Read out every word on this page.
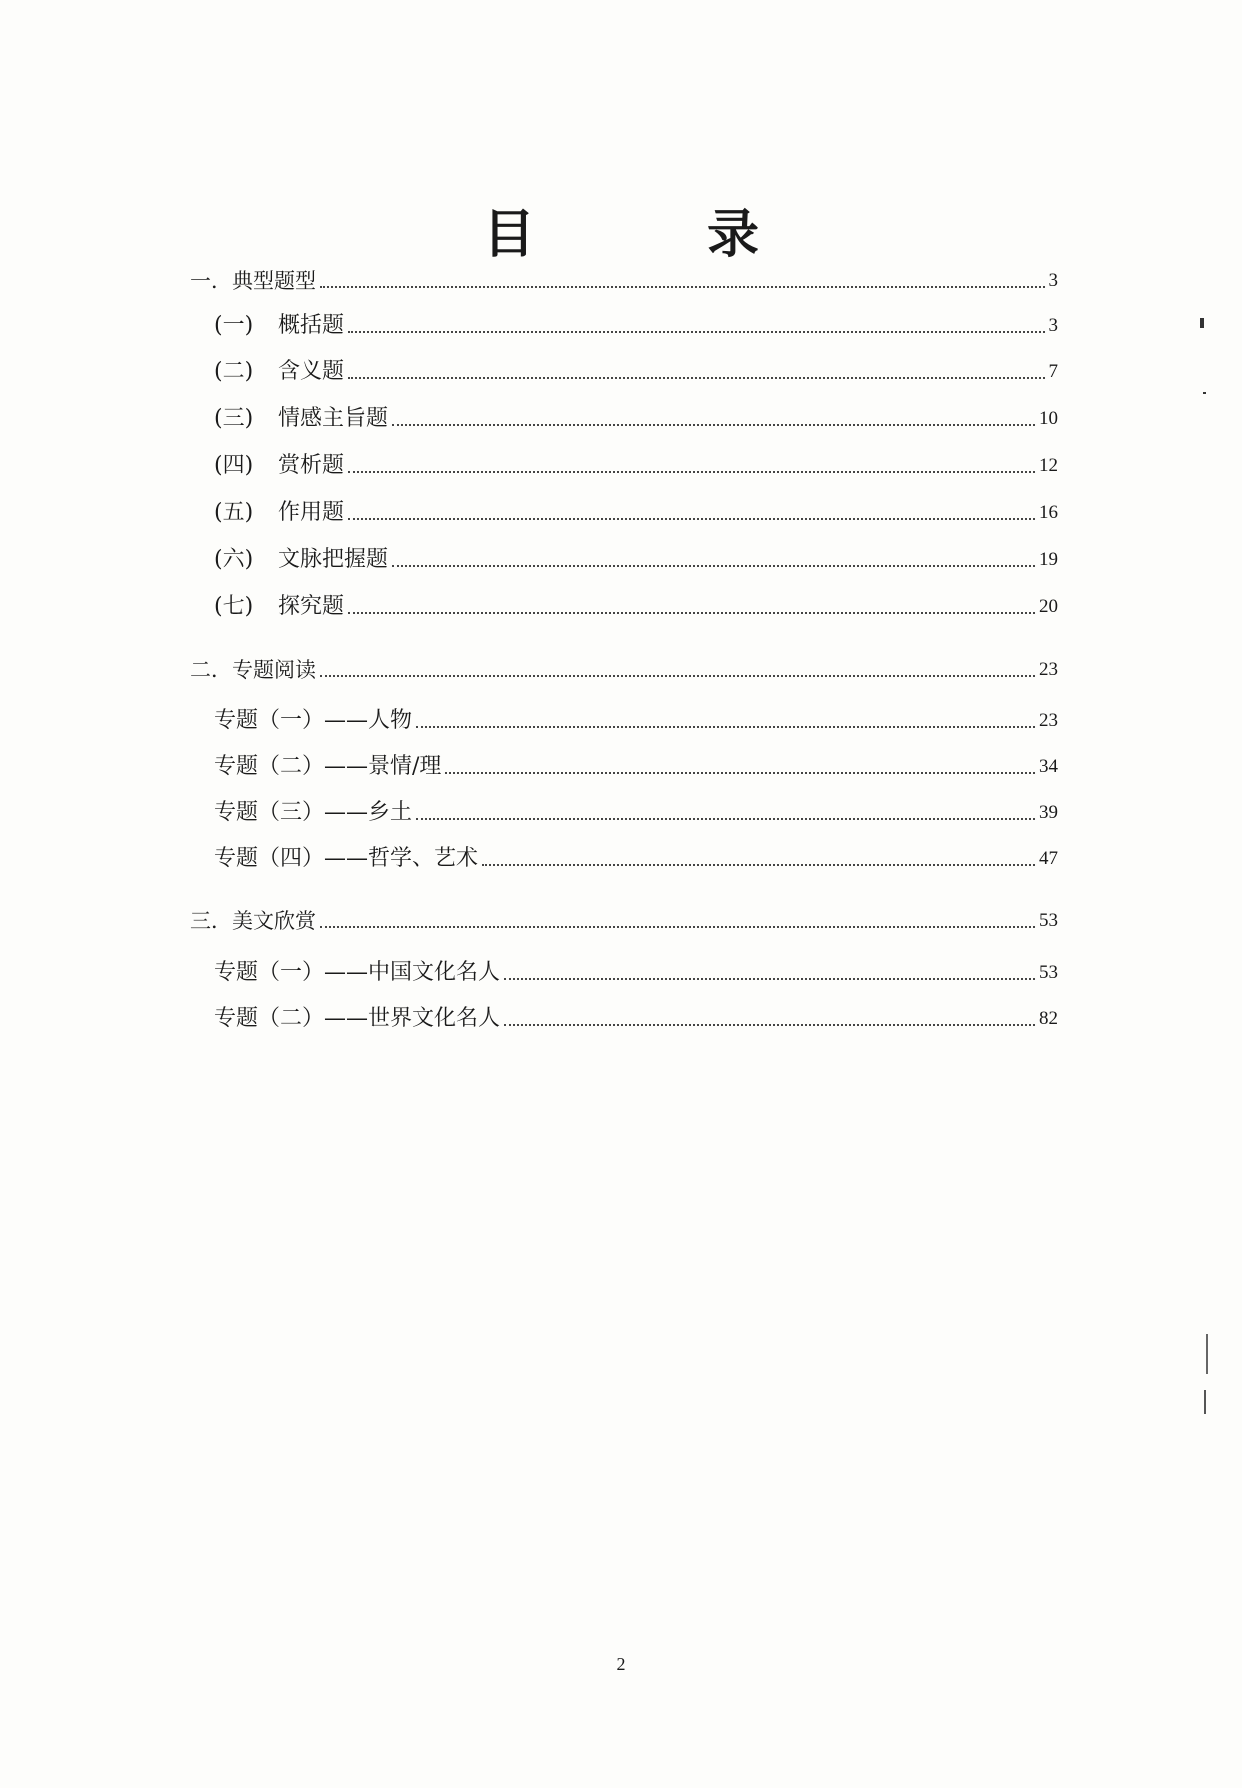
目　录
一． 典型题型	3
(一)	概括题	3
(二)	含义题	7
(三)	情感主旨题	10
(四)	赏析题	12
(五)	作用题	16
(六)	文脉把握题	19
(七)	探究题	20
二． 专题阅读	23
专题（一）—— 人物	23
专题（二）—— 景情/理	34
专题（三）—— 乡土	39
专题（四）—— 哲学、艺术	47
三． 美文欣赏	53
专题（一）—— 中国文化名人	53
专题（二）—— 世界文化名人	82
2
